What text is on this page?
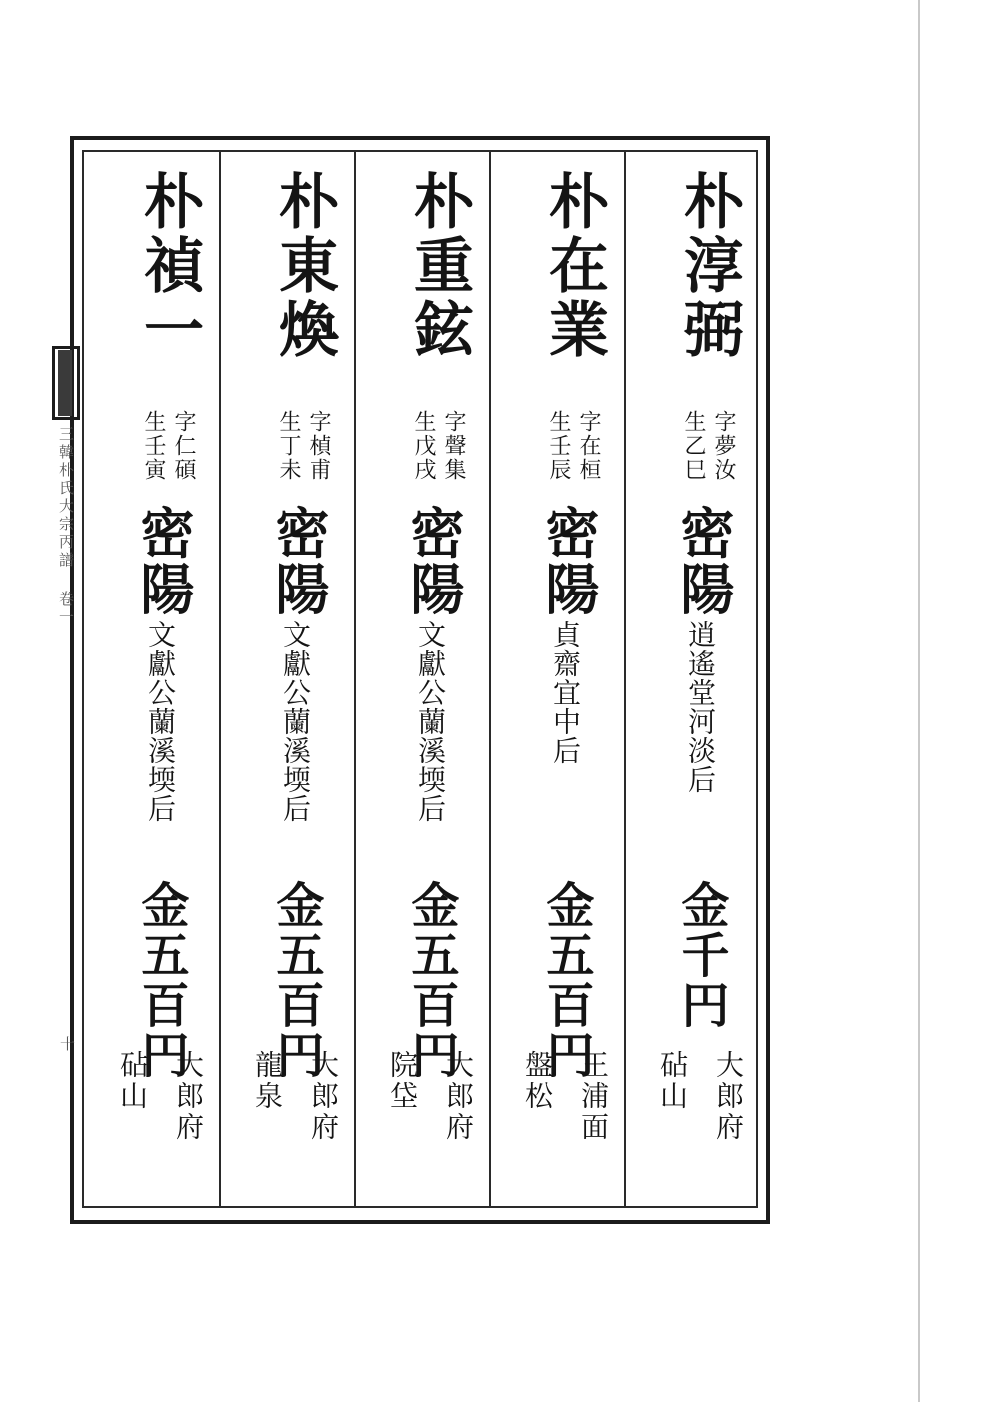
三韓朴氏大宗丙譜 卷一
十
朴淳弼
字夢汝
生乙巳
密陽
逍遙堂河淡后
金千円
大郎府
砧山
朴在業
字在桓
生壬辰
密陽
貞齋宜中后
金五百円
王浦面
盤松
朴重鉉
字聲集
生戊戌
密陽
文獻公蘭溪堧后
金五百円
大郎府
院垈
朴東煥
字楨甫
生丁未
密陽
文獻公蘭溪堧后
金五百円
大郎府
龍泉
朴禎一
字仁碩
生壬寅
密陽
文獻公蘭溪堧后
金五百円
大郎府
砧山
